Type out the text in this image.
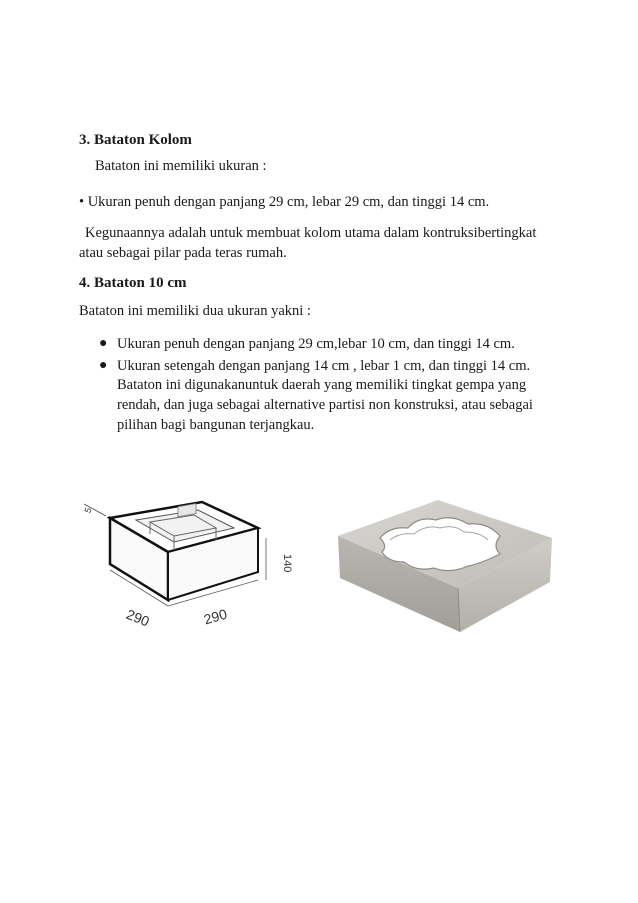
3. Bataton Kolom

Bataton ini memiliki ukuran :

• Ukuran penuh dengan panjang 29 cm, lebar 29 cm, dan tinggi 14 cm.

Kegunaannya adalah untuk membuat kolom utama dalam kontruksibertingkat

atau sebagai pilar pada teras rumah.

4. Bataton 10 cm

Bataton ini memiliki dua ukuran yakni :

● Ukuran penuh dengan panjang 29 cm,lebar 10 cm, dan tinggi 14 cm.

● Ukuran setengah dengan panjang 14 cm , lebar 1 cm, dan tinggi 14 cm.

Bataton ini digunakanuntuk daerah yang memiliki tingkat gempa yang

rendah, dan juga sebagai alternative partisi non konstruksi, atau sebagai

pilihan bagi bangunan terjangkau.

5
290	290
140
